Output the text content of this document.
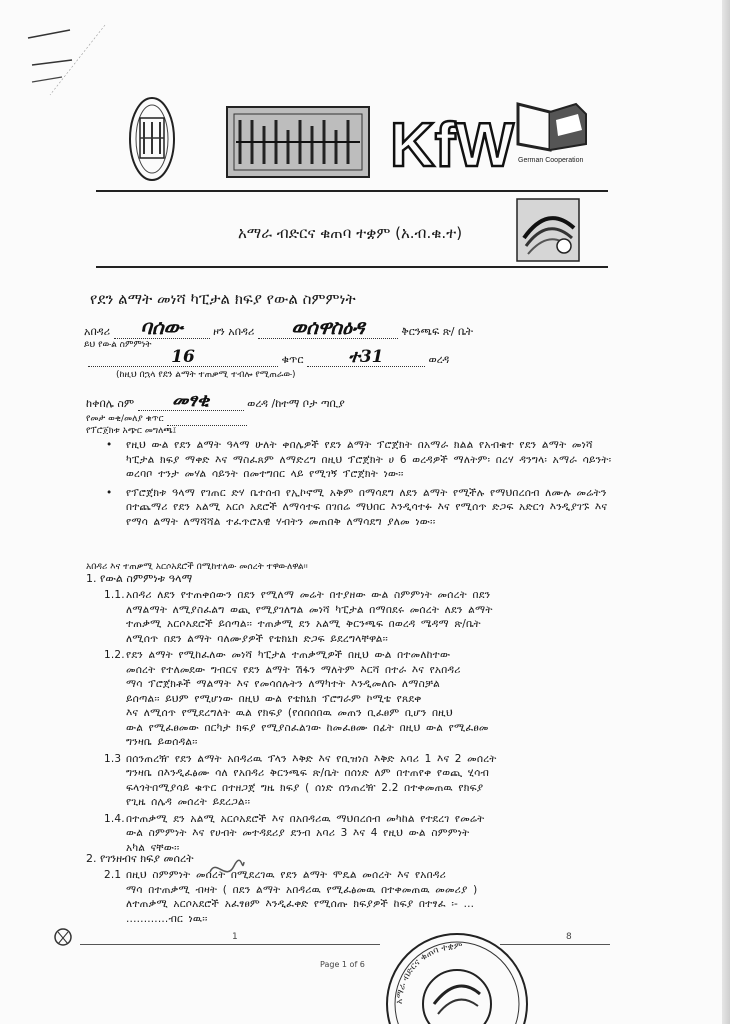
KfW German Cooperation
አማራ ብድርና ቁጠባ ተቋም (አ.ብ.ቁ.ተ)
የደን ልማት መነሻ ካፒታል ክፍያ የውል ስምምነት
አበዳሪ ባሰው	ዞን አበዳሪ ወሰዋስዕዳ	ቅርንጫፍ ጽ/ ቤት
ይህ የውል ስምምነት
16	ቁጥር	ተ31	ወረዳ
(ከዚህ በኋላ የደን ልማት ተጠቃሚ ተብሎ የሚጠራው)
ከቀበሌ ስም መፃቂ	ወረዳ /ከተማ ቦታ ጣቢያ
የመታ ወቂ/መለያ ቁጥር
የፕሮጀክቱ አጭር መግለጫ፤
• የዚህ ውል የደን ልማት ዓላማ ሁለት ቀበሌዎች የደን ልማት ፕሮጀክት በአማራ ክልል የአብቁተ የደን ልማት መነሻ

ካፒታል ክፍያ ማቀድ እና ማስፈጸም ለማድረግ በዚህ ፕሮጀክት ሀ 6 ወረዳዎች ማለትም፡ በረሃ ዳንግላ፡ አማራ ሳይንት፡

ወረባቦ ተንታ መሃል ሳይንት በመተግበር ላይ የሚገኝ ፕሮጀክት ነው፡፡

• የፕሮጀክቱ ዓላማ የገጠር ድሃ ቤተሰብ የኢኮኖሚ አቅም በማሳደግ ለደን ልማት የሚችሉ የማህበረሰብ ለሙሉ መሬትን

በተጨማሪ የደን አልሚ አርሶ አደሮች ለማሳተፍ በገበሬ ማህበር እንዲሳተፉ እና የሚሰጥ ድጋፍ አድርጎ እንዲያገኙ እና

የማሳ ልማት ለማሻሻል ተፈጥሮአዊ ሃብትን መጠበቅ ለማሳደግ ያለመ ነው፡፡

አበዳሪ እና ተጠቃሚ አርሶአደሮች በሚከተለው መሰረት ተዋውለዋል፡፡
1. የውል ስምምነቱ ዓላማ
1.1. አበዳሪ ለደን የተጠቀሰውን በደን የሚለማ መሬት በተያዘው ውል ስምምነት መሰረት በደን

ለማልማት ለሚያስፈልግ ወጪ የሚያገለግል መነሻ ካፒታል በማበደሩ መሰረት ለደን ልማት

ተጠቃሚ አርሶአደሮች ይሰጣል፡፡ ተጠቃሚ ደን አልሚ ቅርንጫፍ በወረዳ ሜዳማ ጽ/ቤት

ለሚሰጥ በደን ልማት ባለሙያዎች የቴክኒክ ድጋፍ ይደረግላቸዋል፡፡

1.2. የደን ልማት የሚከፈለው መነሻ ካፒታል ተጠቃሚዎች በዚህ ውል በተመለከተው

መሰረት የተለመደው ግብርና የደን ልማት ሽፋን ማለትም እርሻ በተራ እና የአበዳሪ

ማሳ ፕሮጀክቶች ማልማት እና የመሳሰሉትን ለማካተት እንዲመለሱ ለማስቻል

ይሰጣል፡፡ ይህም የሚሆነው በዚህ ውል የቴክኒክ ፕሮግራም ኮሚቴ የጸደቀ

እና ለሚሰጥ የሚደረግለት ዉል የክፍያ (የሰበሰበዉ መጠን ቢፈፀም ቢሆን በዚህ

ውል የሚፈፀመው በርካታ ክፍያ የሚያስፈልገው ከመፈፀሙ በፊት በዚህ ውል የሚፈፀመ

ግንዛቤ ይወሰዳል፡፡

1.3 በሰንጠረዥ የደን ልማት አበዳሪዉ ፕላን እቅድ እና የቢዝነስ እቅድ አባሪ 1 እና 2 መሰረት

ግንዛቤ በእንዲፈፅሙ ሳለ የአበዳሪ ቅርንጫፍ ጽ/ቤት በሰነድ ለም በተጠየቀ የወጪ ሂሳብ

ፍላጎትበሚያሳይ ቁጥር በተዘጋጀ ግዜ ክፍያ ( ሰነድ ሰንጠረዥ 2.2 በተቀመጠዉ የክፍያ

የጊዜ ሰሌዳ መሰረት ይደረጋል፡፡

1.4. በተጠቃሚ ደን አልሚ አርሶአደሮች እና በአበዳሪዉ ማህበረሰብ መካከል የተደረገ የመሬት

ውል ስምምነት እና የሀብት መተዳደሪያ ደንብ አባሪ 3 እና 4 የዚህ ውል ስምምነት

አካል ናቸው፡፡

2. የገንዘብና ክፍያ መሰረት
2.1 በዚህ ስምምነት መሰረት በሚደረገዉ የደን ልማት ሞዴል መሰረት እና የአበዳሪ

ማሳ በተጠቃሚ ብዛት ( በደን ልማት አበዳሪዉ የሚፈፅመዉ በተቀመጠዉ መመሪያ )

ለተጠቃሚ አርሶአደሮች አፈፃፀም እንዲፈቀድ የሚሰጡ ክፍያዎች ከፍያ በተፃፈ ፡- ...

............ብር ነዉ፡፡

1	8
Page 1 of 6
አማራ ብድርና ቁጠባ ተቋም
